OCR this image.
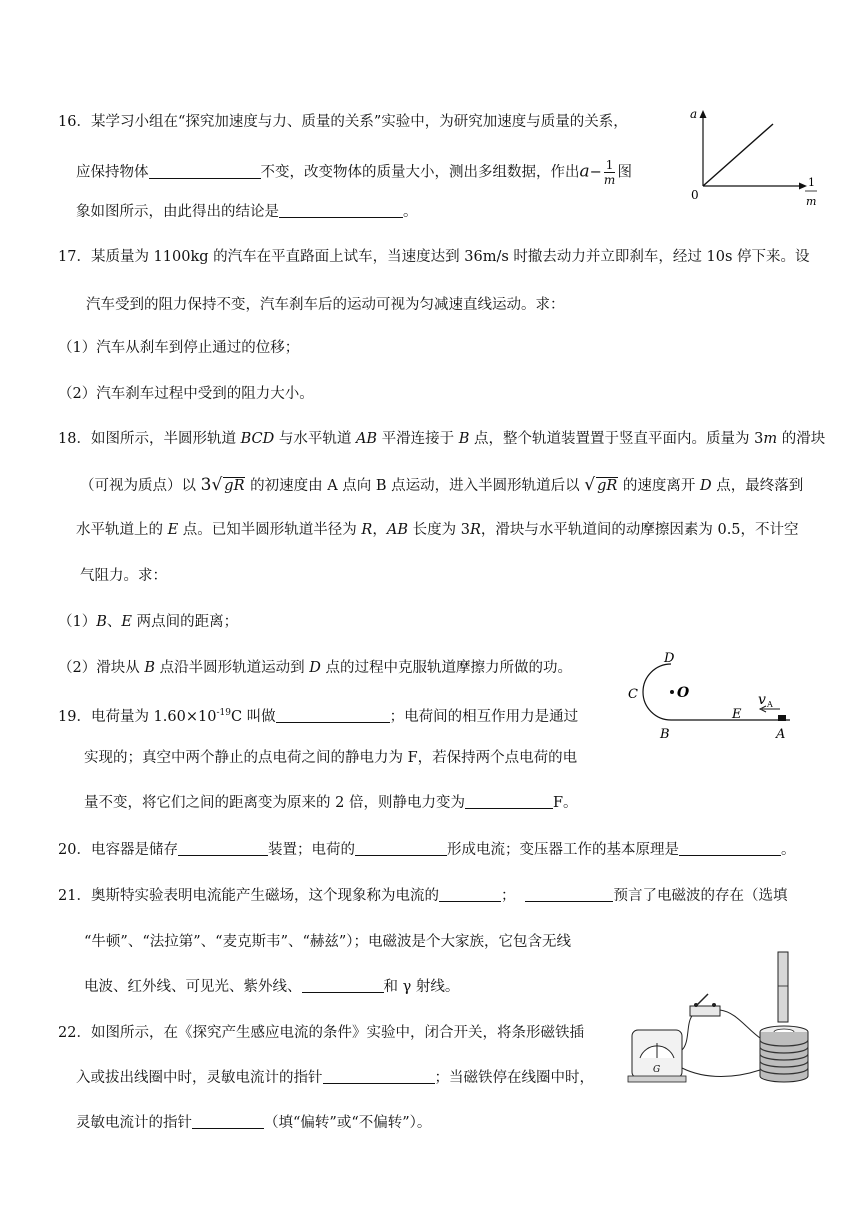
16．某学习小组在“探究加速度与力、质量的关系”实验中，为研究加速度与质量的关系，
应保持物体	不变，改变物体的质量大小，测出多组数据，作出$a- \frac{1}{m}$ 图
象如图所示，由此得出的结论是	。
a
0
1
m
17．某质量为 1100kg 的汽车在平直路面上试车，当速度达到 36m/s 时撤去动力并立即刹车，经过 10s 停下来。设
汽车受到的阻力保持不变，汽车刹车后的运动可视为匀减速直线运动。求：
（1）汽车从刹车到停止通过的位移；
（2）汽车刹车过程中受到的阻力大小。
18．如图所示，半圆形轨道 BCD 与水平轨道 AB 平滑连接于 B 点，整个轨道装置置于竖直平面内。质量为 3m 的滑块
（可视为质点）以 3√ gR 的初速度由 A 点向 B 点运动，进入半圆形轨道后以 √ gR 的速度离开 D 点，最终落到
水平轨道上的 E 点。已知半圆形轨道半径为 R，AB 长度为 3R，滑块与水平轨道间的动摩擦因素为 0.5，不计空
气阻力。求：
（1）B、E 两点间的距离；
（2）滑块从 B 点沿半圆形轨道运动到 D 点的过程中克服轨道摩擦力所做的功。
D
C	O
B
E
A
v A
19．电荷量为 $1.60\times 10^{-19}C$ 叫做	；电荷间的相互作用力是通过
实现的；真空中两个静止的点电荷之间的静电力为 F，若保持两个点电荷的电
量不变，将它们之间的距离变为原来的 2 倍，则静电力变为	F。
20．电容器是储存	装置；电荷的	形成电流；变压器工作的基本原理是	。
21．奥斯特实验表明电流能产生磁场，这个现象称为电流的	；	预言了电磁波的存在（选填
“牛顿”、“法拉第”、“麦克斯韦”、“赫兹”）；电磁波是个大家族，它包含无线
电波、红外线、可见光、紫外线、	和 γ 射线。
22．如图所示，在《探究产生感应电流的条件》实验中，闭合开关，将条形磁铁插
入或拔出线圈中时，灵敏电流计的指针	；当磁铁停在线圈中时，
灵敏电流计的指针	（填“偏转”或“不偏转”）。
G
